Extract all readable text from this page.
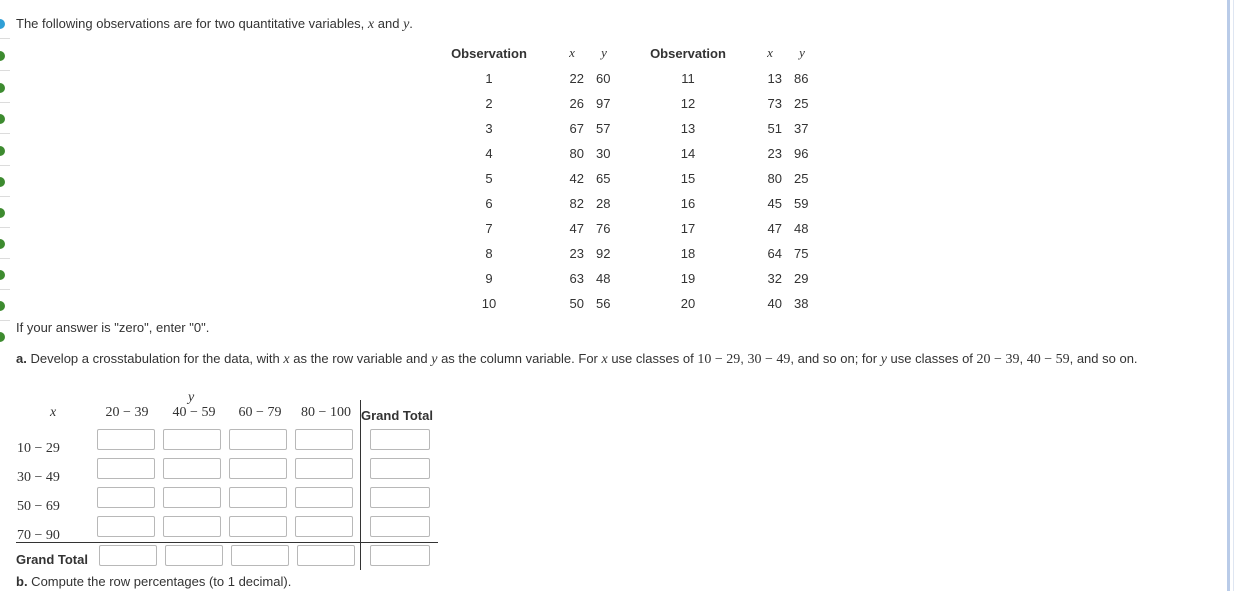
The following observations are for two quantitative variables, x and y.
Observation	x	y
1	22 60
2	26 97
3	67 57
4	80 30
5	42 65
6	82 28
7	47 76
8	23 92
9	63 48
10	50 56
Observation	x	y
11	13 86
12	73 25
13	51 37
14	23 96
15	80 25
16	45 59
17	47 48
18	64 75
19	32 29
20	40 38
If your answer is "zero", enter "0".
a. Develop a crosstabulation for the data, with x as the row variable and y as the column variable. For x use classes of 10 − 29, 30 − 49, and so on; for y use classes of 20 − 39, 40 − 59, and so on.
x
y
20 − 39	40 − 59	60 − 79	80 − 100 Grand Total
10 − 29
30 − 49
50 − 69
70 − 90
Grand Total
b. Compute the row percentages (to 1 decimal).
